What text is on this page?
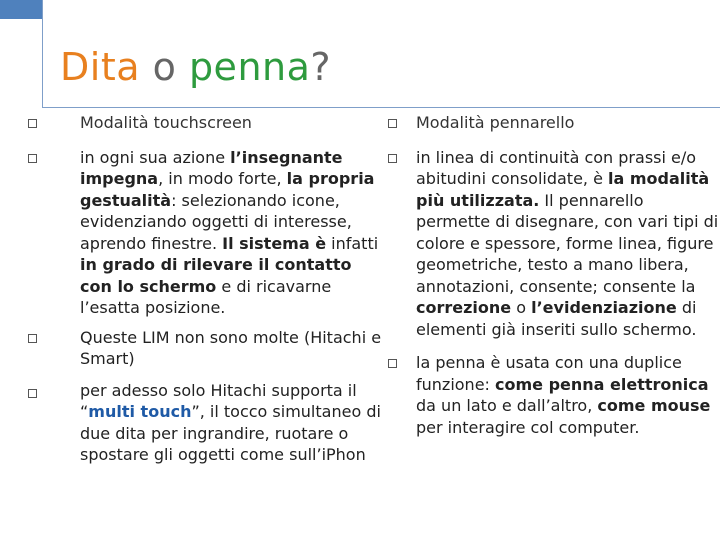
Dita o penna?
Modalità touchscreen
in ogni sua azione l’insegnante impegna, in modo forte, la propria gestualità: selezionando icone, evidenziando oggetti di interesse, aprendo finestre. Il sistema è infatti in grado di rilevare il contatto con lo schermo e di ricavarne l’esatta posizione.
Queste LIM non sono molte (Hitachi e Smart)
per adesso solo Hitachi supporta il “multi touch”, il tocco simultaneo di due dita per ingrandire, ruotare o spostare gli oggetti come sull’iPhon
Modalità pennarello
in linea di continuità con prassi e/o abitudini consolidate, è la modalità più utilizzata. Il pennarello permette di disegnare, con vari tipi di colore e spessore, forme linea, figure geometriche, testo a mano libera, annotazioni, consente; consente la correzione o l’evidenziazione di elementi già inseriti sullo schermo.
la penna è usata con una duplice funzione: come penna elettronica da un lato e dall’altro, come mouse per interagire col computer.
